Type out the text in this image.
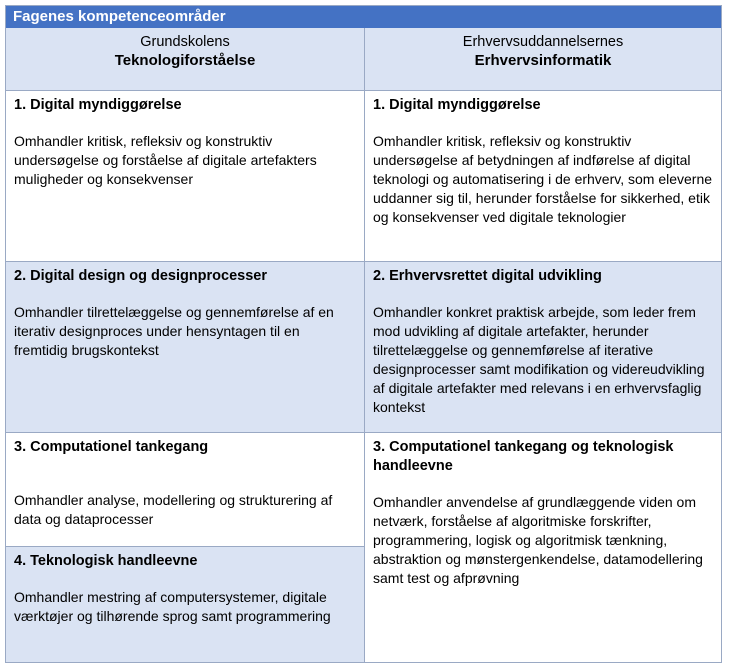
Fagenes kompetenceområder
Grundskolens
Teknologiforståelse
Erhvervsuddannelsernes
Erhvervsinformatik
1. Digital myndiggørelse
Omhandler kritisk, refleksiv og konstruktiv undersøgelse og forståelse af digitale artefakters muligheder og konsekvenser
1. Digital myndiggørelse
Omhandler kritisk, refleksiv og konstruktiv undersøgelse af betydningen af indførelse af digital teknologi og automatisering i de erhverv, som eleverne uddanner sig til, herunder forståelse for sikkerhed, etik og konsekvenser ved digitale teknologier
2. Digital design og designprocesser
Omhandler tilrettelæggelse og gennemførelse af en iterativ designproces under hensyntagen til en fremtidig brugskontekst
2. Erhvervsrettet digital udvikling
Omhandler konkret praktisk arbejde, som leder frem mod udvikling af digitale artefakter, herunder tilrettelæggelse og gennemførelse af iterative designprocesser samt modifikation og videreudvikling af digitale artefakter med relevans i en erhvervsfaglig kontekst
3. Computationel tankegang
Omhandler analyse, modellering og strukturering af data og dataprocesser
4. Teknologisk handleevne
Omhandler mestring af computersystemer, digitale værktøjer og tilhørende sprog samt programmering
3. Computationel tankegang og teknologisk handleevne
Omhandler anvendelse af grundlæggende viden om netværk, forståelse af algoritmiske forskrifter, programmering, logisk og algoritmisk tænkning, abstraktion og mønstergenkendelse, datamodellering samt test og afprøvning
